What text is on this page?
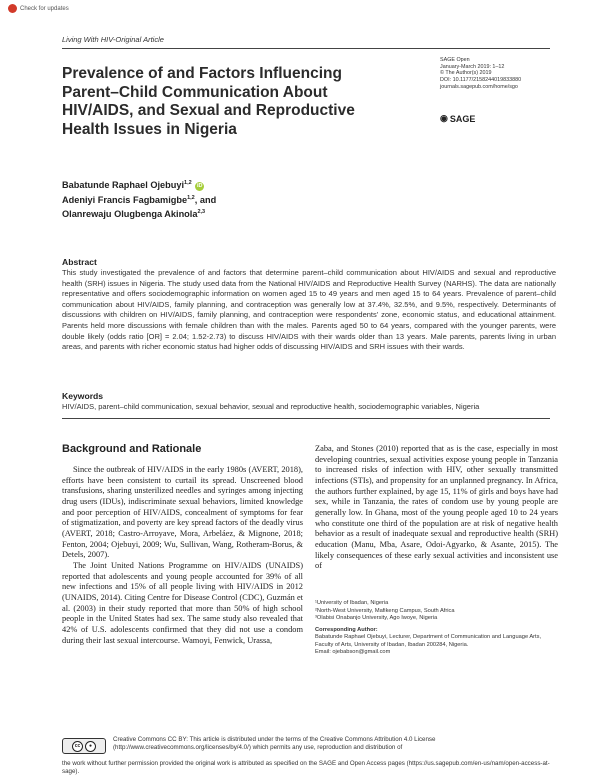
Check for updates
Living With HIV-Original Article
Prevalence of and Factors Influencing Parent–Child Communication About HIV/AIDS, and Sexual and Reproductive Health Issues in Nigeria
SAGE Open
January-March 2019: 1–12
© The Author(s) 2019
DOI: 10.1177/2158244019833880
journals.sagepub.com/home/sgo
◉ SAGE
Babatunde Raphael Ojebuyi$^{1,2}$ iD
Adeniyi Francis Fagbamigbe$^{1,2}$, and
Olanrewaju Olugbenga Akinola$^{2,3}$
Abstract
This study investigated the prevalence of and factors that determine parent–child communication about HIV/AIDS and sexual and reproductive health (SRH) issues in Nigeria. The study used data from the National HIV/AIDS and Reproductive Health Survey (NARHS). The data are nationally representative and offers sociodemographic information on women aged 15 to 49 years and men aged 15 to 64 years. Prevalence of parent–child communication about HIV/AIDS, family planning, and contraception was generally low at 37.4%, 32.5%, and 9.5%, respectively. Determinants of discussions with children on HIV/AIDS, family planning, and contraception were respondents' zone, economic status, and educational attainment. Parents held more discussions with female children than with the males. Parents aged 50 to 64 years, compared with the younger parents, were double likely (odds ratio [OR] = 2.04; 1.52-2.73) to discuss HIV/AIDS with their wards older than 13 years. Male parents, parents living in urban areas, and parents with richer economic status had higher odds of discussing HIV/AIDS and SRH issues with their wards.
Keywords
HIV/AIDS, parent–child communication, sexual behavior, sexual and reproductive health, sociodemographic variables, Nigeria
Background and Rationale

Since the outbreak of HIV/AIDS in the early 1980s (AVERT, 2018), efforts have been consistent to curtail its spread. Unscreened blood transfusions, sharing unsterilized needles and syringes among injecting drug users (IDUs), indiscriminate sexual behaviors, limited knowledge and poor perception of HIV/AIDS, concealment of symptoms for fear of stigmatization, and poverty are key spread factors of the deadly virus (AVERT, 2018; Castro-Arroyave, Mora, Arbeláez, & Mignone, 2018; Fenton, 2004; Ojebuyi, 2009; Wu, Sullivan, Wang, Rotheram-Borus, & Detels, 2007).

The Joint United Nations Programme on HIV/AIDS (UNAIDS) reported that adolescents and young people accounted for 39% of all new infections and 15% of all people living with HIV/AIDS in 2012 (UNAIDS, 2014). Citing Centre for Disease Control (CDC), Guzmán et al. (2003) in their study reported that more than 50% of high school people in the United States had sex. The same study also revealed that 42% of U.S. adolescents confirmed that they did not use a condom during their last sexual intercourse. Wamoyi, Fenwick, Urassa,

Zaba, and Stones (2010) reported that as is the case, especially in most developing countries, sexual activities expose young people in Tanzania to increased risks of infection with HIV, other sexually transmitted infections (STIs), and propensity for an unplanned pregnancy. In Africa, the authors further explained, by age 15, 11% of girls and boys have had sex, while in Tanzania, the rates of condom use by young people are generally low. In Ghana, most of the young people aged 10 to 24 years who constitute one third of the population are at risk of negative health behavior as a result of inadequate sexual and reproductive health (SRH) education (Manu, Mba, Asare, Odoi-Agyarko, & Asante, 2015). The likely consequences of these early sexual activities and inconsistent use of

¹University of Ibadan, Nigeria
²North-West University, Mafikeng Campus, South Africa
³Olabisi Onabanjo University, Ago Iwoye, Nigeria
Corresponding Author:
Babatunde Raphael Ojebuyi, Lecturer, Department of Communication and Language Arts, Faculty of Arts, University of Ibadan, Ibadan 200284, Nigeria.
Email: ojebabson@gmail.com
cc	●
Creative Commons CC BY: This article is distributed under the terms of the Creative Commons Attribution 4.0 License (http://www.creativecommons.org/licenses/by/4.0/) which permits any use, reproduction and distribution of
the work without further permission provided the original work is attributed as specified on the SAGE and Open Access pages (https://us.sagepub.com/en-us/nam/open-access-at-sage).
